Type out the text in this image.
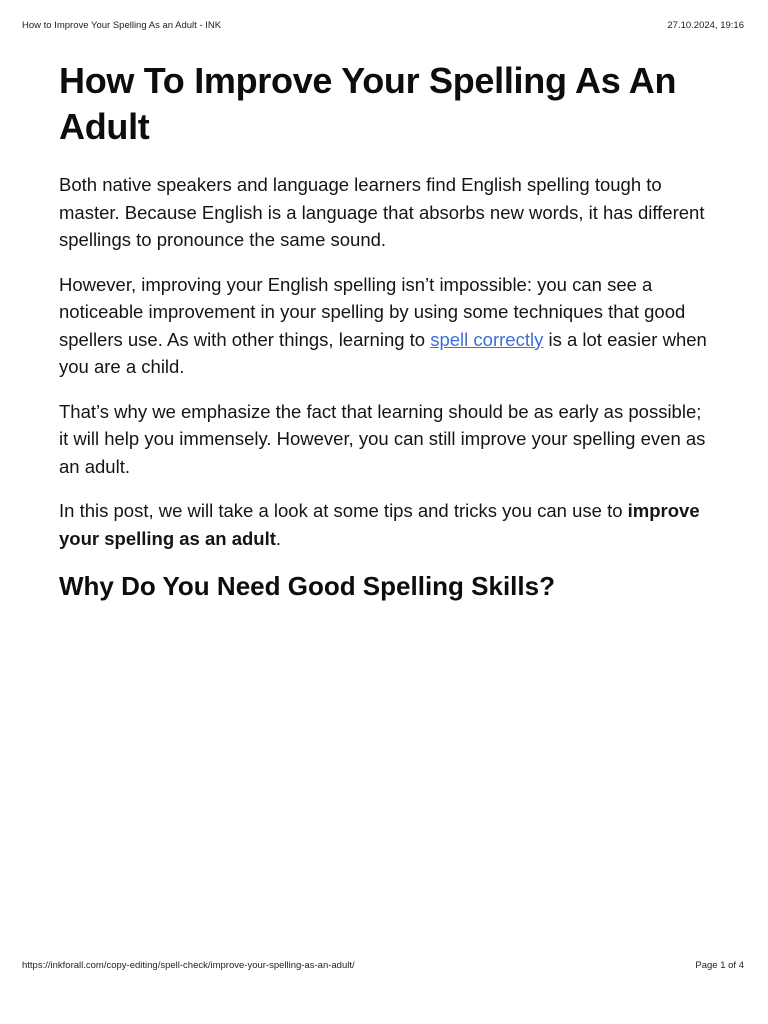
How to Improve Your Spelling As an Adult - INK	27.10.2024, 19:16
How To Improve Your Spelling As An Adult

Both native speakers and language learners find English spelling tough to master. Because English is a language that absorbs new words, it has different spellings to pronounce the same sound.

However, improving your English spelling isn’t impossible: you can see a noticeable improvement in your spelling by using some techniques that good spellers use. As with other things, learning to spell correctly is a lot easier when you are a child.

That’s why we emphasize the fact that learning should be as early as possible; it will help you immensely. However, you can still improve your spelling even as an adult.

In this post, we will take a look at some tips and tricks you can use to improve your spelling as an adult.

Why Do You Need Good Spelling Skills?
https://inkforall.com/copy-editing/spell-check/improve-your-spelling-as-an-adult/	Page 1 of 4
